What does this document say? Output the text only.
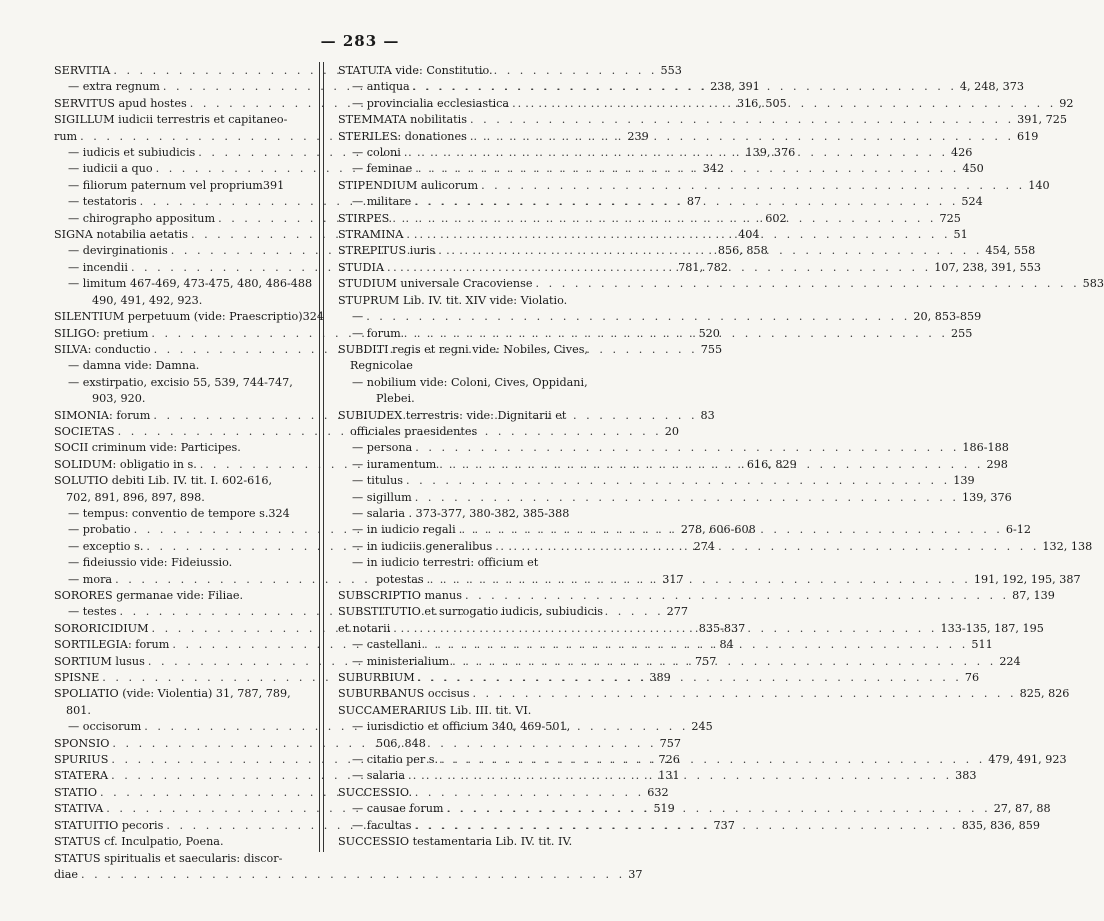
— 283 —
SERVITIA . . .	553
— extra regnum . . .	238, 391
SERVITUS apud hostes . . .	316, 505
SIGILLUM iudicii terrestris et capitaneo-
rum . . .	239
— iudicis et subiudicis . . .	139, 376
— iudicii a quo . . .	342
— filiorum paternum vel proprium 391
— testatoris . . .	87
— chirographo appositum . . .	602
SIGNA notabilia aetatis . . .	404
— devirginationis . . .	856, 858
— incendii . . .	781, 782
— limitum 467-469, 473-475, 480, 486-488
490, 491, 492, 923.
SILENTIUM perpetuum (vide: Praescriptio) 324
SILIGO: pretium . . .	520
SILVA: conductio . . .	755
— damna vide: Damna.
— exstirpatio, excisio 55, 539, 744-747,
903, 920.
SIMONIA: forum . . .	83
SOCIETAS . . .	20
SOCII criminum vide: Participes.
SOLIDUM: obligatio in s. . . .	616, 829
SOLUTIO debiti Lib. IV. tit. I. 602-616,
702, 891, 896, 897, 898.
— tempus: conventio de tempore s. 324
— probatio . . .	278, 606-608
— exceptio s. . . .	274
— fideiussio vide: Fideiussio.
— mora . . .	317
SORORES germanae vide: Filiae.
— testes . . .	277
SORORICIDIUM . . .	835-837
SORTILEGIA: forum . . .	84
SORTIUM lusus . . .	757
SPISNE . . .	389
SPOLIATIO (vide: Violentia) 31, 787, 789,
801.
— occisorum . . .	245
SPONSIO . . .	757
SPURIUS . . .	726
STATERA . . .	131
STATIO . . .	632
STATIVA . . .	519
STATUITIO pecoris . . .	737
STATUS cf. Inculpatio, Poena.
STATUS spiritualis et saecularis: discor-
diae . . .	37
STATUTA vide: Constitutio.
— antiqua . . .	4, 248, 373
— provincialia ecclesiastica . . .	92
STEMMATA nobilitatis . . .	391, 725
STERILES: donationes . . .	619
— coloni . . .	426
— feminae . . .	450
STIPENDIUM aulicorum . . .	140
— militare . . .	524
STIRPES . . .	725
STRAMINA . . .	51
STREPITUS iuris . . .	454, 558
STUDIA . . .	107, 238, 391, 553
STUDIUM universale Cracoviense . . .	583
STUPRUM Lib. IV. tit. XIV vide: Violatio.
— . . .	20, 853-859
— forum . . .	255
SUBDITI regis et regni vide: Nobiles, Cives,
Regnicolae
— nobilium vide: Coloni, Cives, Oppidani,
Plebei.
SUBIUDEX terrestris: vide: Dignitarii et
officiales praesidentes
— persona . . .	186-188
— iuramentum . . .	298
— titulus . . .	139
— sigillum . . .	139, 376
— salaria . 373-377, 380-382, 385-388
— in iudicio regali . . .	6-12
— in iudiciis generalibus . . .	132, 138
— in iudicio terrestri: officium et
potestas . . .	191, 192, 195, 387
SUBSCRIPTIO manus . . .	87, 139
SUBSTITUTIO et surrogatio iudicis, subiudicis
et notarii . . .	133-135, 187, 195
— castellani . . .	511
— ministerialium . . .	224
SUBURBIUM . . .	76
SUBURBANUS occisus . . .	825, 826
SUCCAMERARIUS Lib. III. tit. VI.
— iurisdictio et officium 340, 469-501,
506, 848
— citatio per s. . . .	479, 491, 923
— salaria . . .	383
SUCCESSIO.
— causae forum . . .	27, 87, 88
— facultas . . .	835, 836, 859
SUCCESSIO testamentaria Lib. IV. tit. IV.
